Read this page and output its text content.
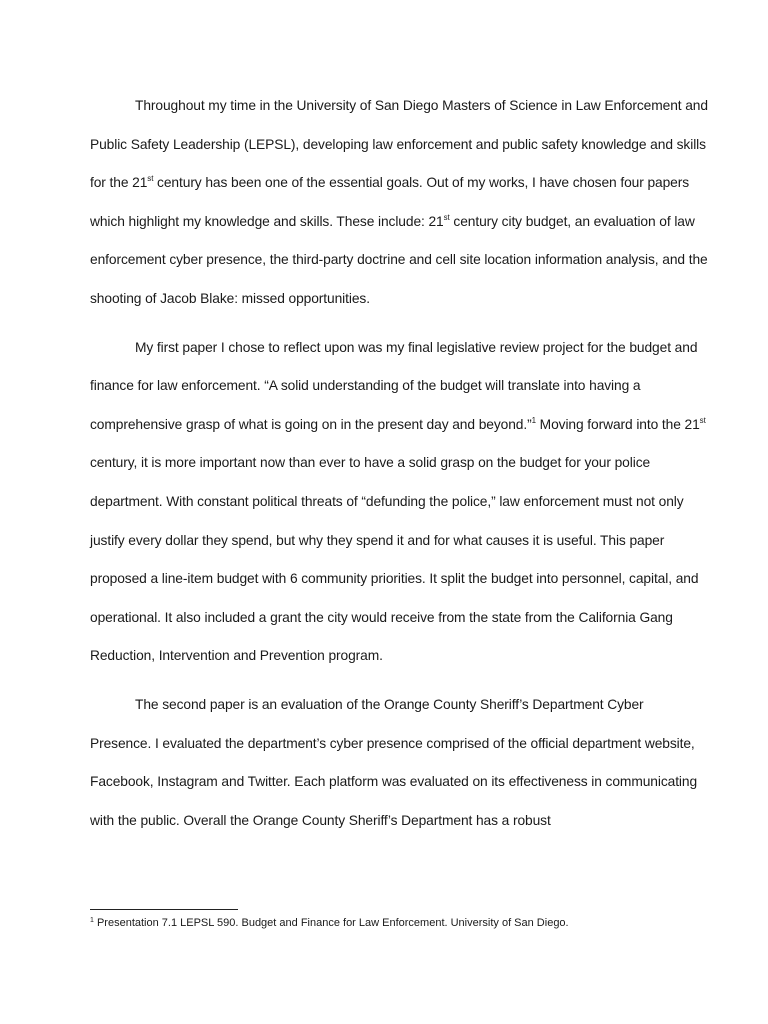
Throughout my time in the University of San Diego Masters of Science in Law Enforcement and Public Safety Leadership (LEPSL), developing law enforcement and public safety knowledge and skills for the 21st century has been one of the essential goals. Out of my works, I have chosen four papers which highlight my knowledge and skills. These include: 21st century city budget, an evaluation of law enforcement cyber presence, the third-party doctrine and cell site location information analysis, and the shooting of Jacob Blake: missed opportunities.

My first paper I chose to reflect upon was my final legislative review project for the budget and finance for law enforcement. “A solid understanding of the budget will translate into having a comprehensive grasp of what is going on in the present day and beyond.”$^1$ Moving forward into the 21st century, it is more important now than ever to have a solid grasp on the budget for your police department. With constant political threats of “defunding the police,” law enforcement must not only justify every dollar they spend, but why they spend it and for what causes it is useful. This paper proposed a line-item budget with 6 community priorities. It split the budget into personnel, capital, and operational. It also included a grant the city would receive from the state from the California Gang Reduction, Intervention and Prevention program.

The second paper is an evaluation of the Orange County Sheriff’s Department Cyber Presence. I evaluated the department’s cyber presence comprised of the official department website, Facebook, Instagram and Twitter. Each platform was evaluated on its effectiveness in communicating with the public. Overall the Orange County Sheriff’s Department has a robust

$^1$ Presentation 7.1 LEPSL 590. Budget and Finance for Law Enforcement. University of San Diego.
